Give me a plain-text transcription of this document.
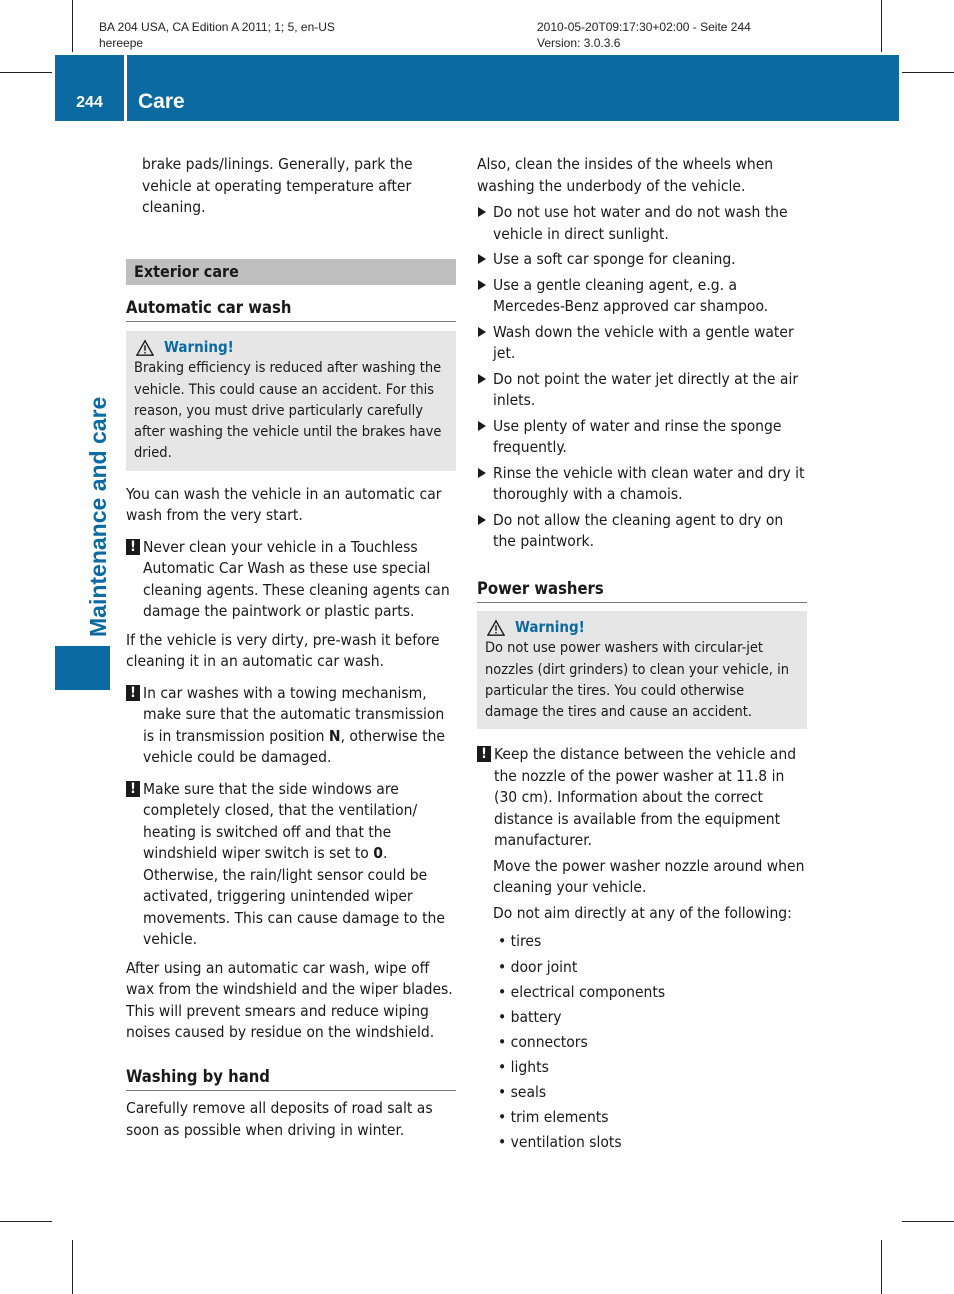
BA 204 USA, CA Edition A 2011; 1; 5, en-US
hereepe
2010-05-20T09:17:30+02:00 - Seite 244
Version: 3.0.3.6
244	Care
Maintenance and care

brake pads/linings. Generally, park the vehicle at operating temperature after cleaning.

Exterior care
Automatic car wash
Warning!

Braking efficiency is reduced after washing the vehicle. This could cause an accident. For this reason, you must drive particularly carefully after washing the vehicle until the brakes have dried.

You can wash the vehicle in an automatic car wash from the very start.

! Never clean your vehicle in a Touchless Automatic Car Wash as these use special cleaning agents. These cleaning agents can damage the paintwork or plastic parts.

If the vehicle is very dirty, pre-wash it before cleaning it in an automatic car wash.

! In car washes with a towing mechanism, make sure that the automatic transmission is in transmission position N, otherwise the vehicle could be damaged.

! Make sure that the side windows are completely closed, that the ventilation/ heating is switched off and that the windshield wiper switch is set to 0. Otherwise, the rain/light sensor could be activated, triggering unintended wiper movements. This can cause damage to the vehicle.

After using an automatic car wash, wipe off wax from the windshield and the wiper blades. This will prevent smears and reduce wiping noises caused by residue on the windshield.

Washing by hand

Carefully remove all deposits of road salt as soon as possible when driving in winter.

Also, clean the insides of the wheels when washing the underbody of the vehicle.

Do not use hot water and do not wash the vehicle in direct sunlight.

Use a soft car sponge for cleaning.

Use a gentle cleaning agent, e.g. a Mercedes-Benz approved car shampoo.

Wash down the vehicle with a gentle water jet.

Do not point the water jet directly at the air inlets.

Use plenty of water and rinse the sponge frequently.

Rinse the vehicle with clean water and dry it thoroughly with a chamois.

Do not allow the cleaning agent to dry on the paintwork.

Power washers
Warning!

Do not use power washers with circular-jet nozzles (dirt grinders) to clean your vehicle, in particular the tires. You could otherwise damage the tires and cause an accident.

! Keep the distance between the vehicle and the nozzle of the power washer at 11.8 in (30 cm). Information about the correct distance is available from the equipment manufacturer.

Move the power washer nozzle around when cleaning your vehicle.

Do not aim directly at any of the following:

• tires

• door joint

• electrical components

• battery

• connectors

• lights

• seals

• trim elements

• ventilation slots
